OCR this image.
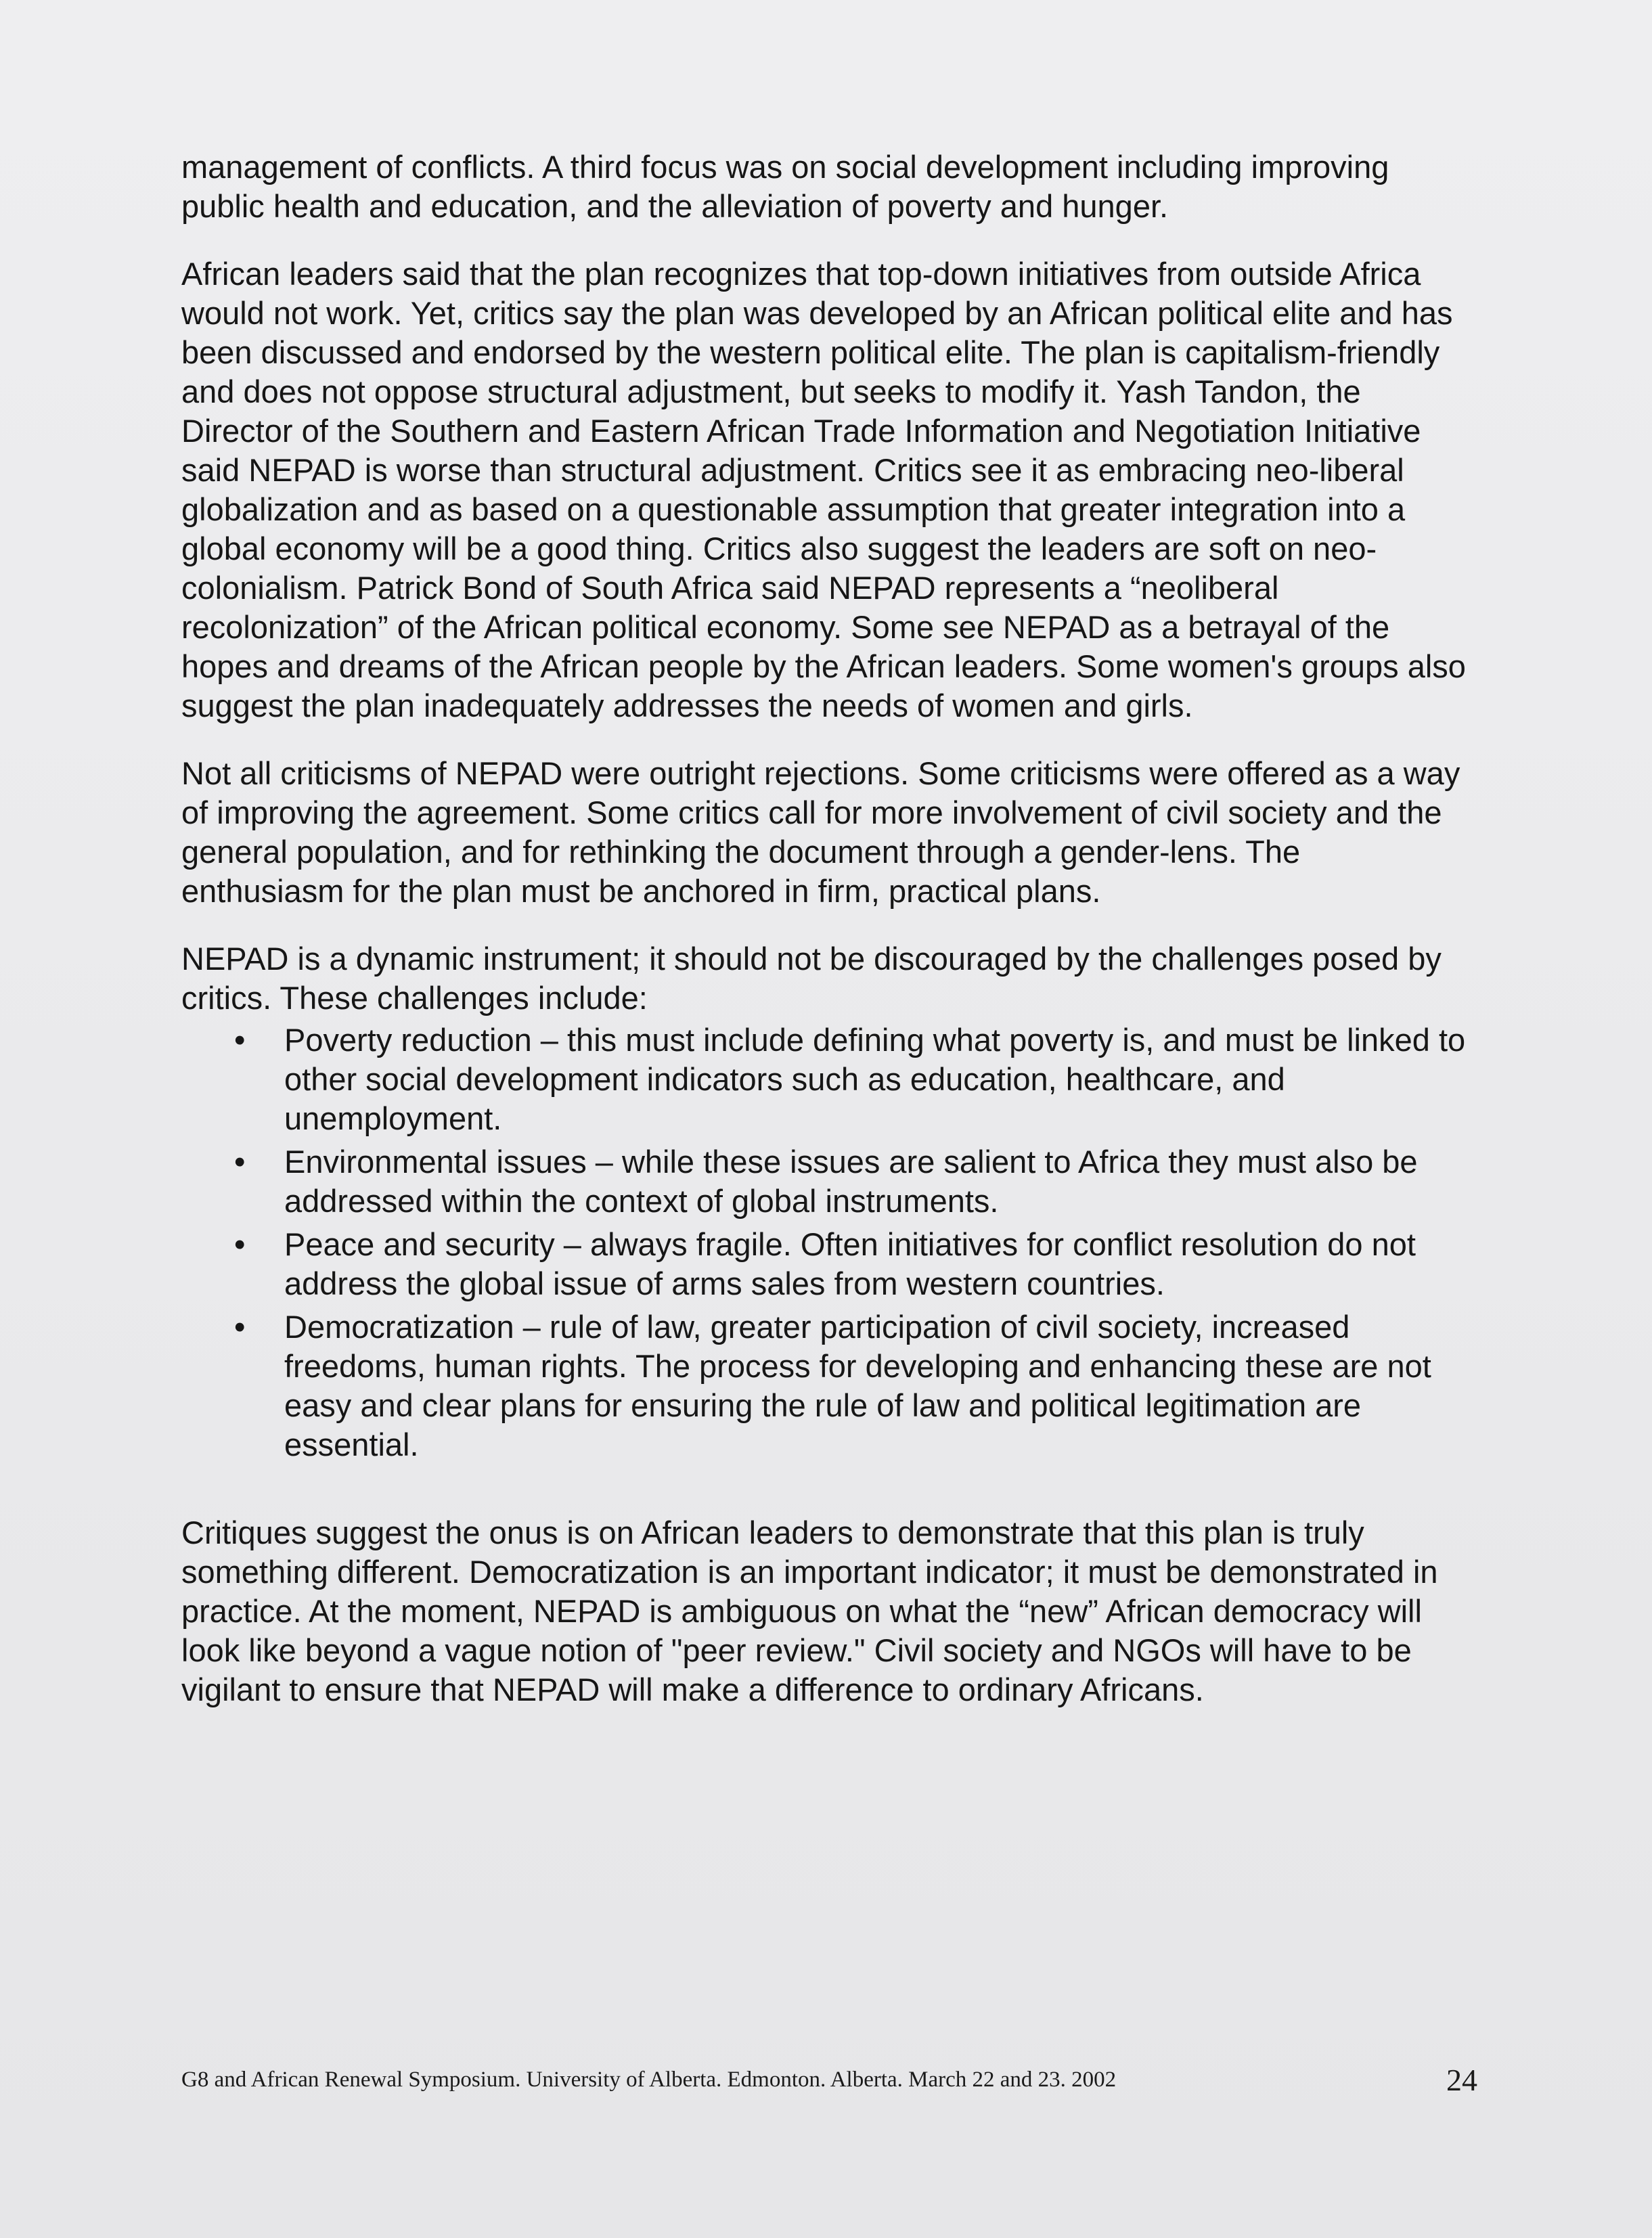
management of conflicts. A third focus was on social development including improving public health and education, and the alleviation of poverty and hunger.

African leaders said that the plan recognizes that top-down initiatives from outside Africa would not work. Yet, critics say the plan was developed by an African political elite and has been discussed and endorsed by the western political elite. The plan is capitalism-friendly and does not oppose structural adjustment, but seeks to modify it. Yash Tandon, the Director of the Southern and Eastern African Trade Information and Negotiation Initiative said NEPAD is worse than structural adjustment. Critics see it as embracing neo-liberal globalization and as based on a questionable assumption that greater integration into a global economy will be a good thing. Critics also suggest the leaders are soft on neo-colonialism. Patrick Bond of South Africa said NEPAD represents a “neoliberal recolonization” of the African political economy. Some see NEPAD as a betrayal of the hopes and dreams of the African people by the African leaders. Some women's groups also suggest the plan inadequately addresses the needs of women and girls.

Not all criticisms of NEPAD were outright rejections. Some criticisms were offered as a way of improving the agreement. Some critics call for more involvement of civil society and the general population, and for rethinking the document through a gender-lens. The enthusiasm for the plan must be anchored in firm, practical plans.

NEPAD is a dynamic instrument; it should not be discouraged by the challenges posed by critics. These challenges include:

• Poverty reduction – this must include defining what poverty is, and must be linked to other social development indicators such as education, healthcare, and unemployment.
• Environmental issues – while these issues are salient to Africa they must also be addressed within the context of global instruments.
• Peace and security – always fragile. Often initiatives for conflict resolution do not address the global issue of arms sales from western countries.
• Democratization – rule of law, greater participation of civil society, increased freedoms, human rights. The process for developing and enhancing these are not easy and clear plans for ensuring the rule of law and political legitimation are essential.

Critiques suggest the onus is on African leaders to demonstrate that this plan is truly something different. Democratization is an important indicator; it must be demonstrated in practice. At the moment, NEPAD is ambiguous on what the “new” African democracy will look like beyond a vague notion of "peer review." Civil society and NGOs will have to be vigilant to ensure that NEPAD will make a difference to ordinary Africans.

G8 and African Renewal Symposium. University of Alberta. Edmonton. Alberta. March 22 and 23. 2002	24
